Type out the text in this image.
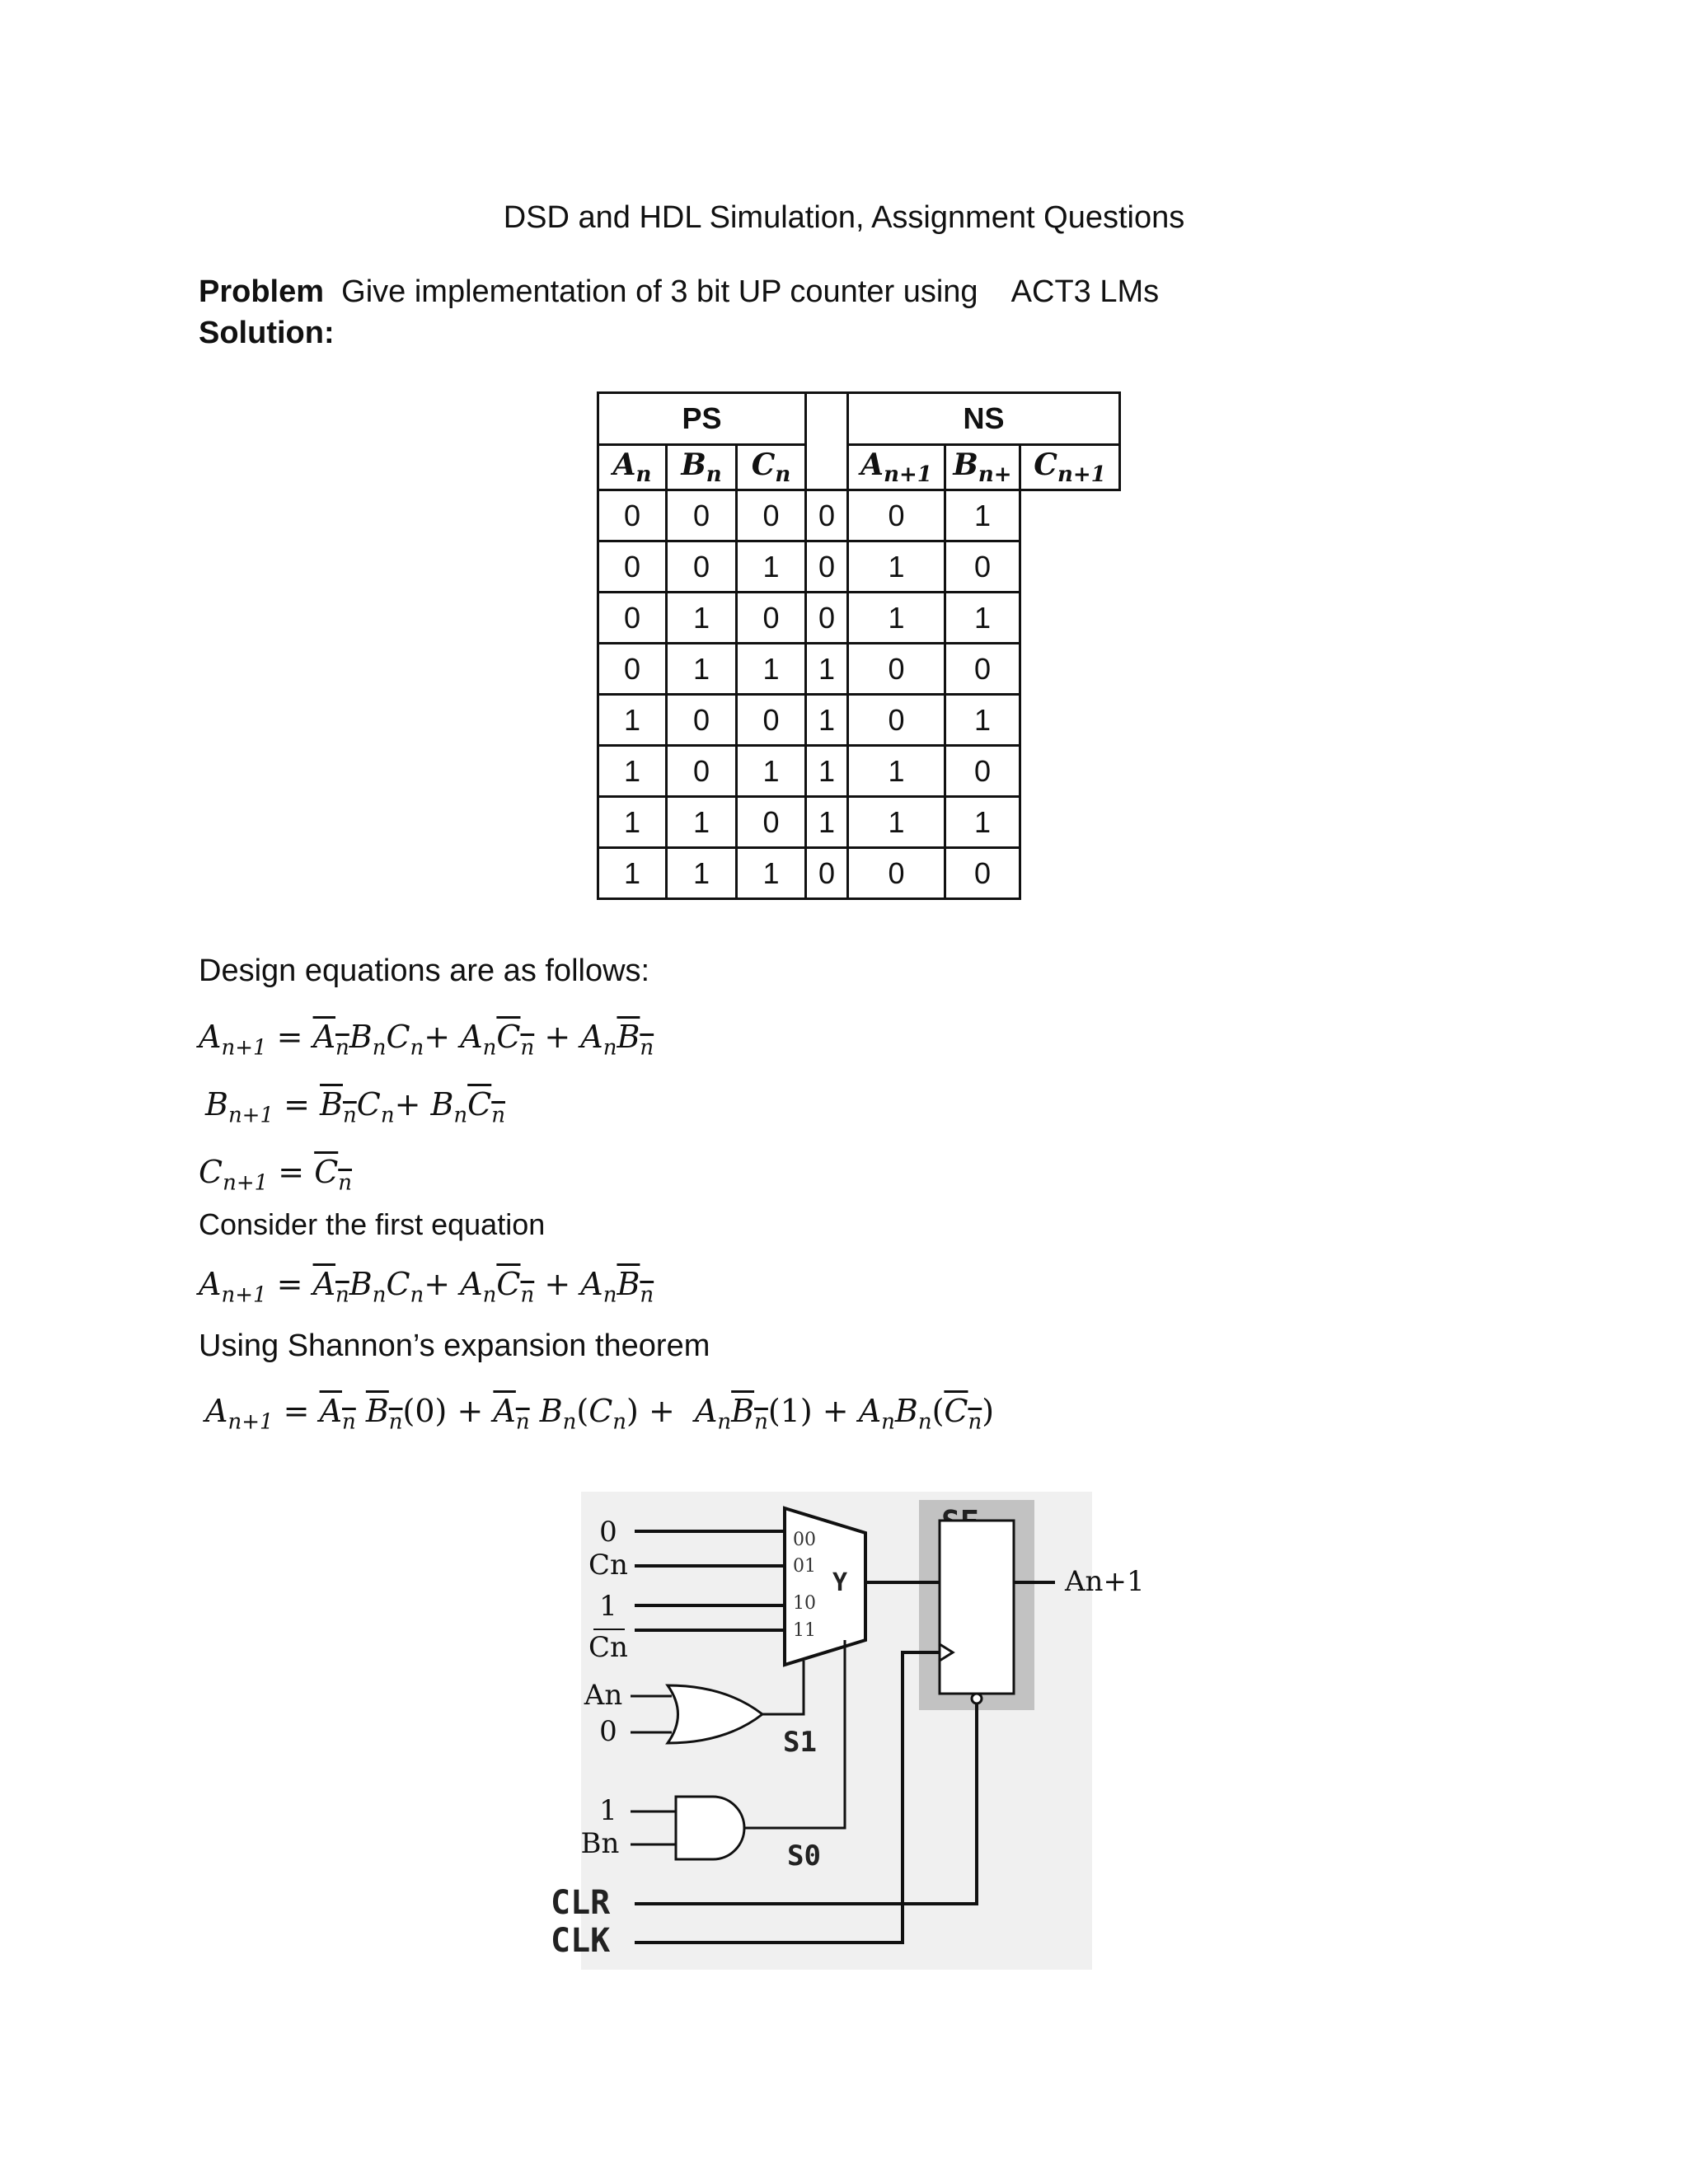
DSD and HDL Simulation, Assignment Questions
Problem Give implementation of 3 bit UP counter using    ACT3 LMs
Solution:
PS				NS		
$A_n$	$B_n$	$C_n$		$A_{n+1}$	$B_{n+}$	$C_{n+1}$
0	0	0	0	0	1	
0	0	1	0	1	0	
0	1	0	0	1	1	
0	1	1	1	0	0	
1	0	0	1	0	1	
1	0	1	1	1	0	
1	1	0	1	1	1	
1	1	1	0	0	0	
Design equations are as follows:
$A_{n+1} = A_nB_nC_n+ A_nC_n + A_nB_n$
$B_{n+1} = B_nC_n+ B_nC_n$
$C_{n+1} = C_n$
Consider the first equation
$A_{n+1} = A_nB_nC_n+ A_nC_n + A_nB_n$
Using Shannon’s expansion theorem
$A_{n+1} = A_n$ $B_n(0) + A_n$ $B_n(C_n) + A_nB_n(1) + A_nB_n(C_n)$
0
Cn
1
Cn
00
01
10
11
Y	An+1
An
0	S1
1
Bn	S0
CLR
CLK
